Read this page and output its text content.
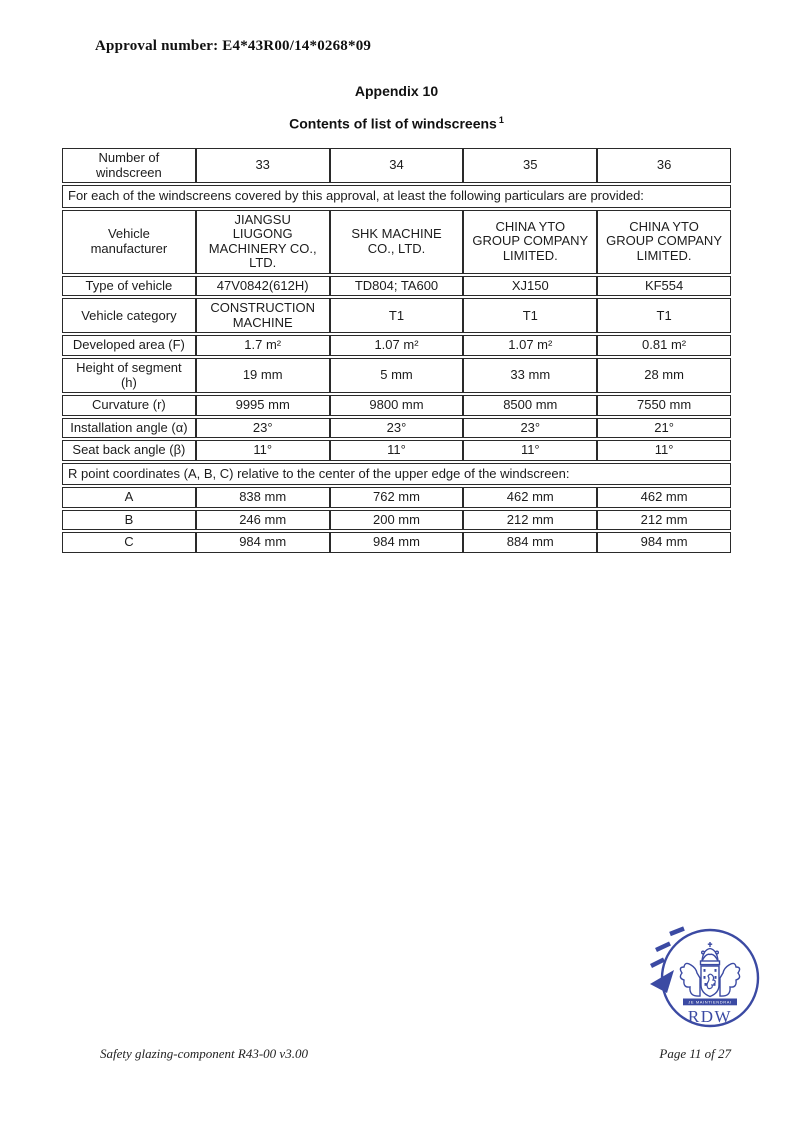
Approval number: E4*43R00/14*0268*09
Appendix 10
Contents of list of windscreens $^1$
Number of windscreen	33	34	35	36
For each of the windscreens covered by this approval, at least the following particulars are provided:				
Vehicle manufacturer	JIANGSU LIUGONG MACHINERY CO., LTD.	SHK MACHINE CO., LTD.	CHINA YTO GROUP COMPANY LIMITED.	CHINA YTO GROUP COMPANY LIMITED.
Type of vehicle	47V0842(612H)	TD804; TA600	XJ150	KF554
Vehicle category	CONSTRUCTION MACHINE	T1	T1	T1
Developed area (F)	1.7 m²	1.07 m²	1.07 m²	0.81 m²
Height of segment (h)	19 mm	5 mm	33 mm	28 mm
Curvature (r)	9995 mm	9800 mm	8500 mm	7550 mm
Installation angle (α)	23°	23°	23°	21°
Seat back angle (β)	11°	11°	11°	11°
R point coordinates (A, B, C) relative to the center of the upper edge of the windscreen:				
A	838 mm	762 mm	462 mm	462 mm
B	246 mm	200 mm	212 mm	212 mm
C	984 mm	984 mm	884 mm	984 mm
JE MAINTIENDRAI
RDW
Safety glazing-component R43-00 v3.00	Page 11 of 27
